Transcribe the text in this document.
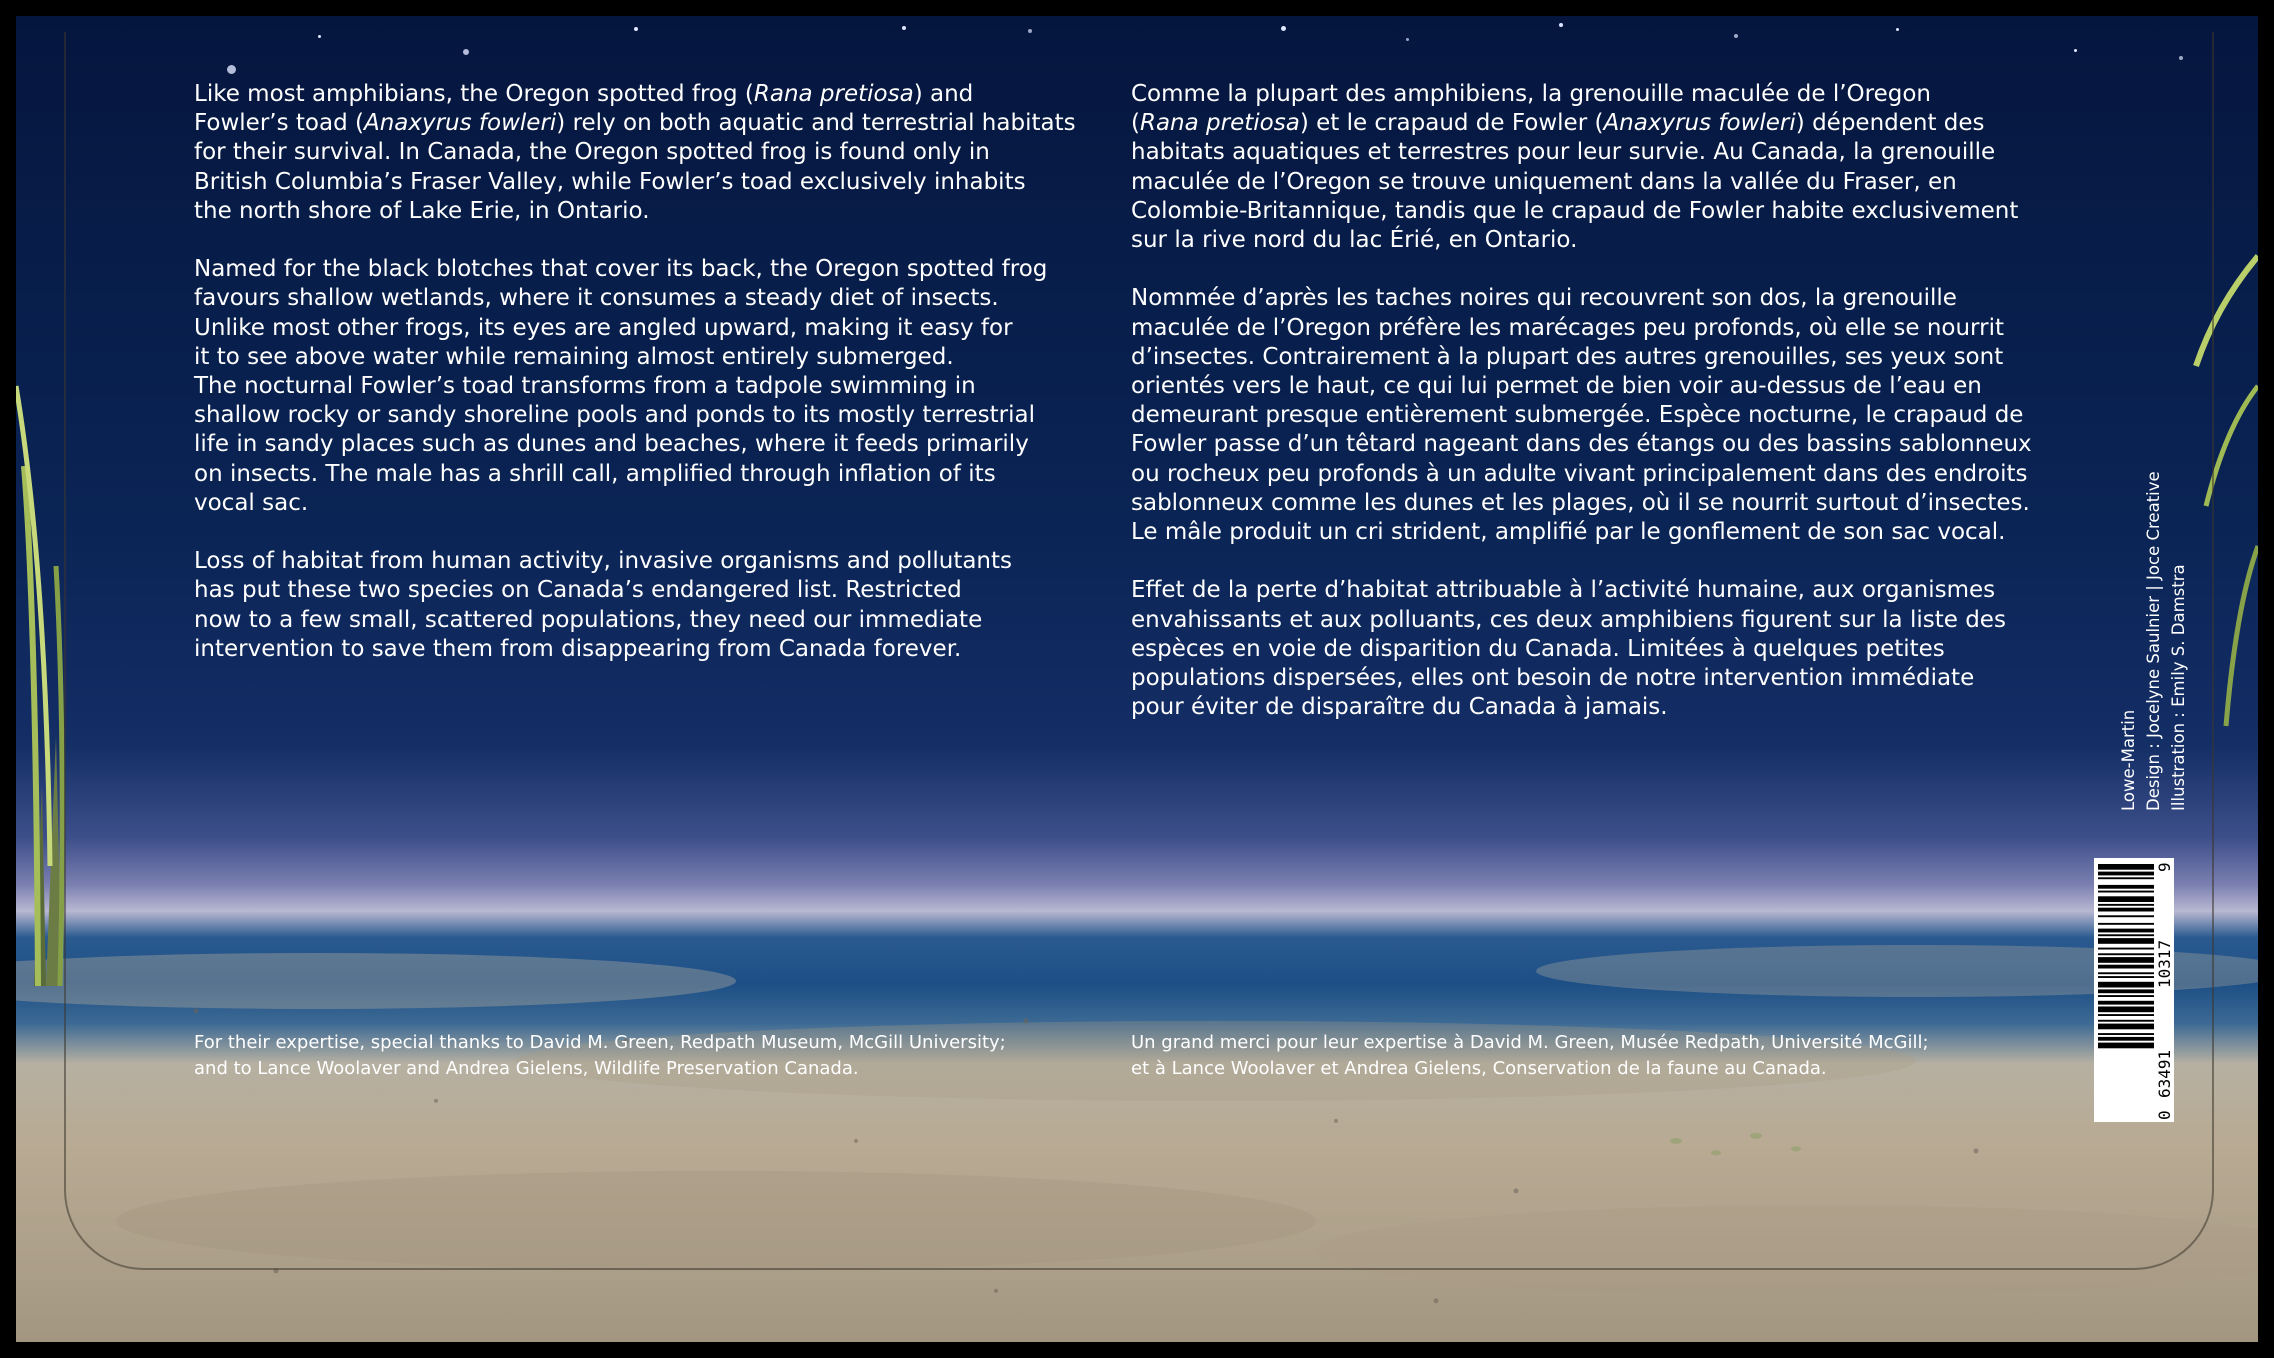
Like most amphibians, the Oregon spotted frog (Rana pretiosa) and
Fowler’s toad (Anaxyrus fowleri) rely on both aquatic and terrestrial habitats
for their survival. In Canada, the Oregon spotted frog is found only in
British Columbia’s Fraser Valley, while Fowler’s toad exclusively inhabits
the north shore of Lake Erie, in Ontario.

Named for the black blotches that cover its back, the Oregon spotted frog
favours shallow wetlands, where it consumes a steady diet of insects.
Unlike most other frogs, its eyes are angled upward, making it easy for
it to see above water while remaining almost entirely submerged.
The nocturnal Fowler’s toad transforms from a tadpole swimming in
shallow rocky or sandy shoreline pools and ponds to its mostly terrestrial
life in sandy places such as dunes and beaches, where it feeds primarily
on insects. The male has a shrill call, amplified through inflation of its
vocal sac.

Loss of habitat from human activity, invasive organisms and pollutants
has put these two species on Canada’s endangered list. Restricted
now to a few small, scattered populations, they need our immediate
intervention to save them from disappearing from Canada forever.

Comme la plupart des amphibiens, la grenouille maculée de l’Oregon
(Rana pretiosa) et le crapaud de Fowler (Anaxyrus fowleri) dépendent des
habitats aquatiques et terrestres pour leur survie. Au Canada, la grenouille
maculée de l’Oregon se trouve uniquement dans la vallée du Fraser, en
Colombie-Britannique, tandis que le crapaud de Fowler habite exclusivement
sur la rive nord du lac Érié, en Ontario.

Nommée d’après les taches noires qui recouvrent son dos, la grenouille
maculée de l’Oregon préfère les marécages peu profonds, où elle se nourrit
d’insectes. Contrairement à la plupart des autres grenouilles, ses yeux sont
orientés vers le haut, ce qui lui permet de bien voir au-dessus de l’eau en
demeurant presque entièrement submergée. Espèce nocturne, le crapaud de
Fowler passe d’un têtard nageant dans des étangs ou des bassins sablonneux
ou rocheux peu profonds à un adulte vivant principalement dans des endroits
sablonneux comme les dunes et les plages, où il se nourrit surtout d’insectes.
Le mâle produit un cri strident, amplifié par le gonflement de son sac vocal.

Effet de la perte d’habitat attribuable à l’activité humaine, aux organismes
envahissants et aux polluants, ces deux amphibiens figurent sur la liste des
espèces en voie de disparition du Canada. Limitées à quelques petites
populations dispersées, elles ont besoin de notre intervention immédiate
pour éviter de disparaître du Canada à jamais.

For their expertise, special thanks to David M. Green, Redpath Museum, McGill University;
and to Lance Woolaver and Andrea Gielens, Wildlife Preservation Canada.
Un grand merci pour leur expertise à David M. Green, Musée Redpath, Université McGill;
et à Lance Woolaver et Andrea Gielens, Conservation de la faune au Canada.
Lowe-Martin Design : Jocelyne Saulnier | Joce Creative Illustration : Emily S. Damstra
0
63491
10317
9
